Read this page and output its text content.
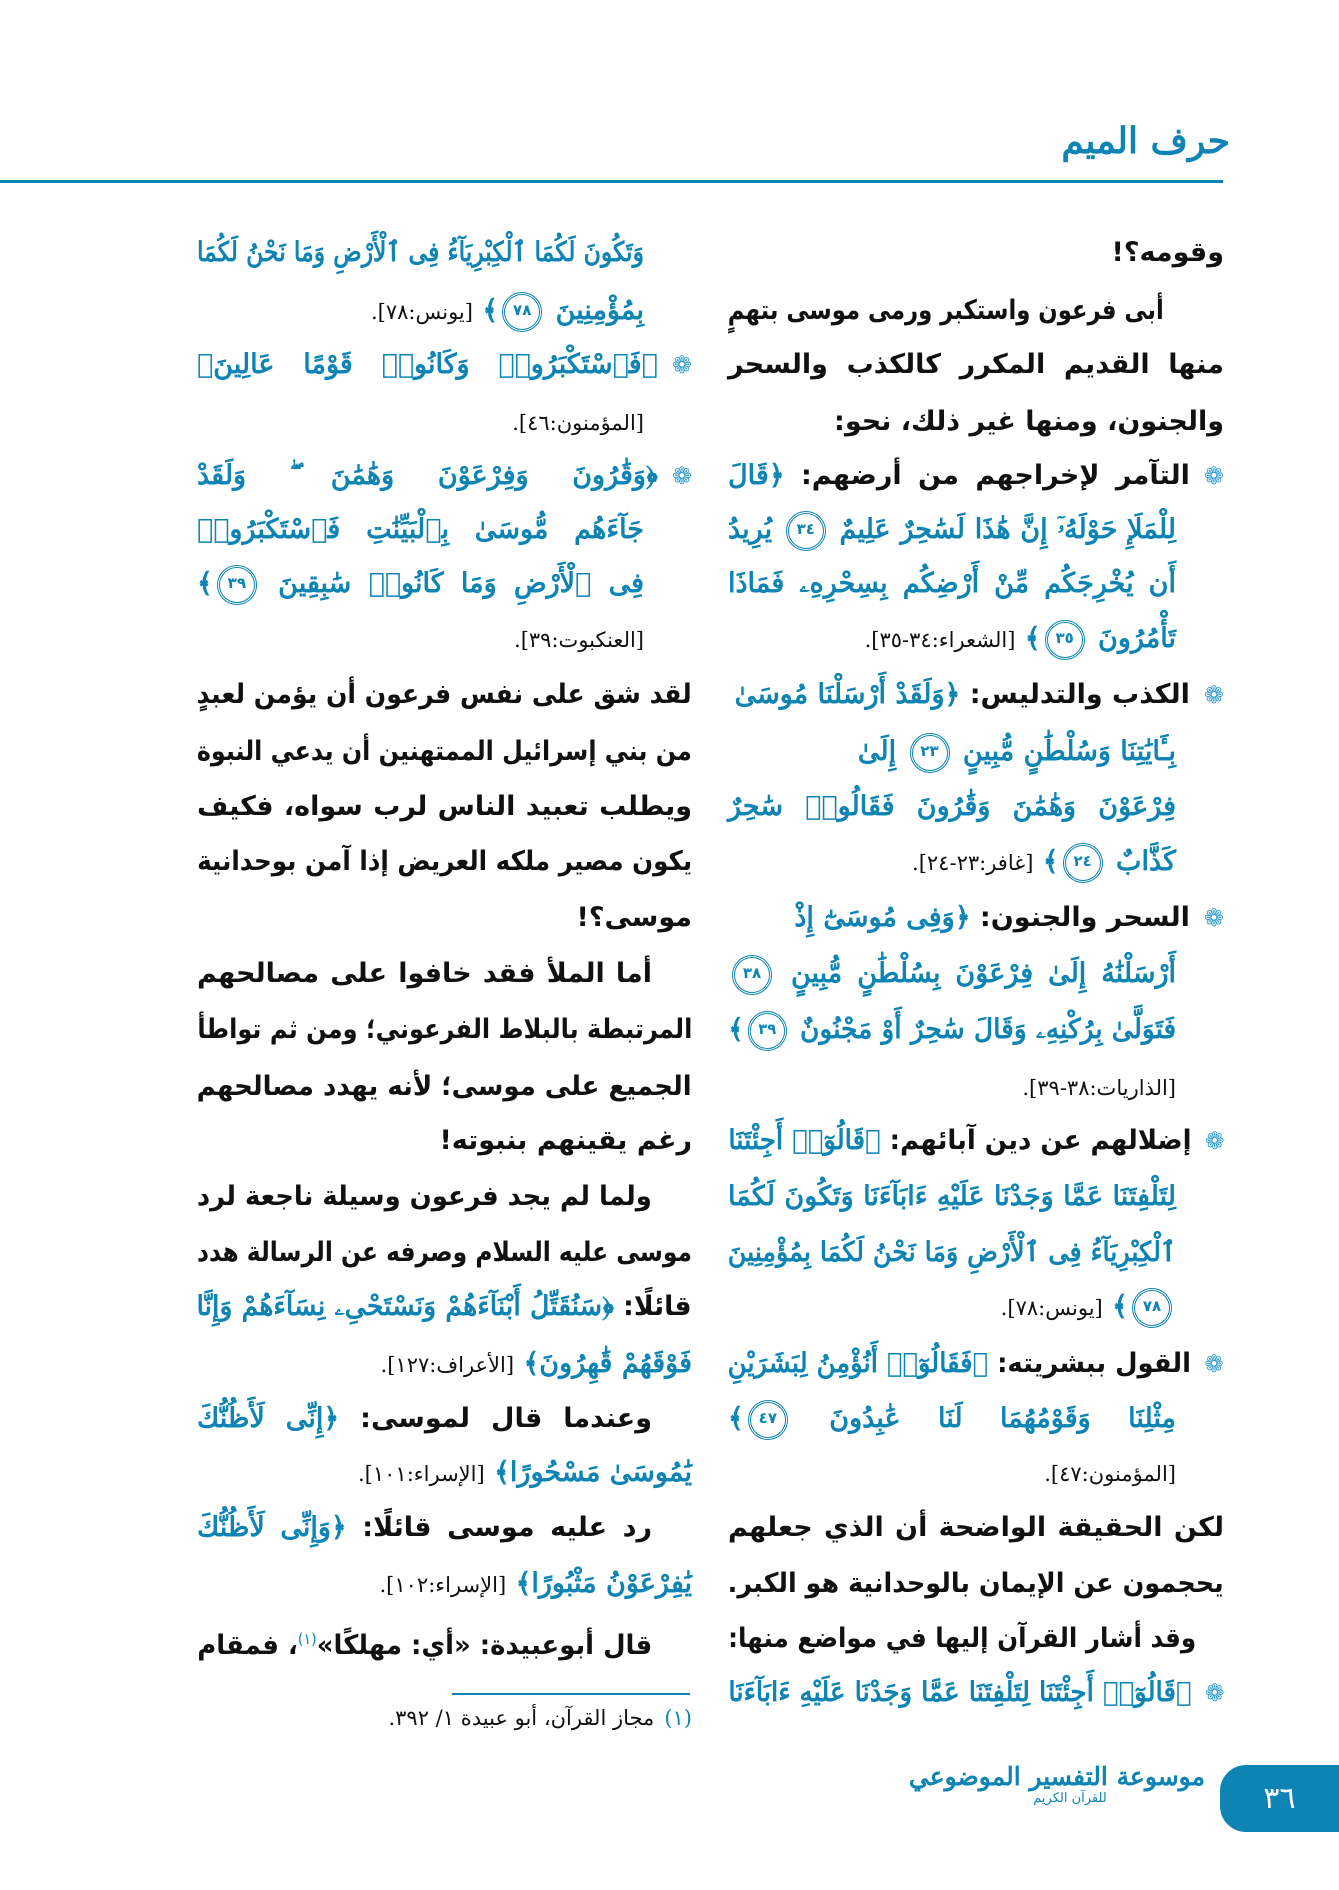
حرف الميم
وقومه؟!
أبى فرعون واستكبر ورمى موسى بتهمٍ
منها القديم المكرر كالكذب والسحر
والجنون، ومنها غير ذلك، نحو:
❁التآمر لإخراجهم من أرضهم: ﴿قَالَ
لِلْمَلَإِ حَوْلَهُۥٓ إِنَّ هَٰذَا لَسَٰحِرٌ عَلِيمٌ ٣٤ يُرِيدُ
أَن يُخْرِجَكُم مِّنْ أَرْضِكُم بِسِحْرِهِۦ فَمَاذَا
تَأْمُرُونَ ٣٥﴾ [الشعراء:٣٤-٣٥].
❁الكذب والتدليس: ﴿وَلَقَدْ أَرْسَلْنَا مُوسَىٰ
بِـَٔايَٰتِنَا وَسُلْطَٰنٍ مُّبِينٍ ٢٣ إِلَىٰ
فِرْعَوْنَ وَهَٰمَٰنَ وَقَٰرُونَ فَقَالُوا۟ سَٰحِرٌ
كَذَّابٌ ٢٤﴾ [غافر:٢٣-٢٤].
❁السحر والجنون: ﴿وَفِى مُوسَىٰٓ إِذْ
أَرْسَلْنَٰهُ إِلَىٰ فِرْعَوْنَ بِسُلْطَٰنٍ مُّبِينٍ ٣٨
فَتَوَلَّىٰ بِرُكْنِهِۦ وَقَالَ سَٰحِرٌ أَوْ مَجْنُونٌ ٣٩﴾
[الذاريات:٣٨-٣٩].
❁إضلالهم عن دين آبائهم: ﴿قَالُوٓا۟ أَجِئْتَنَا
لِتَلْفِتَنَا عَمَّا وَجَدْنَا عَلَيْهِ ءَابَآءَنَا وَتَكُونَ لَكُمَا
ٱلْكِبْرِيَآءُ فِى ٱلْأَرْضِ وَمَا نَحْنُ لَكُمَا بِمُؤْمِنِينَ
٧٨﴾ [يونس:٧٨].
❁القول ببشريته: ﴿فَقَالُوٓا۟ أَنُؤْمِنُ لِبَشَرَيْنِ
مِثْلِنَا وَقَوْمُهُمَا لَنَا عَٰبِدُونَ ٤٧﴾
[المؤمنون:٤٧].
لكن الحقيقة الواضحة أن الذي جعلهم
يحجمون عن الإيمان بالوحدانية هو الكبر.
وقد أشار القرآن إليها في مواضع منها:
❁﴿قَالُوٓا۟ أَجِئْتَنَا لِتَلْفِتَنَا عَمَّا وَجَدْنَا عَلَيْهِ ءَابَآءَنَا
وَتَكُونَ لَكُمَا ٱلْكِبْرِيَآءُ فِى ٱلْأَرْضِ وَمَا نَحْنُ لَكُمَا
بِمُؤْمِنِينَ ٧٨﴾ [يونس:٧٨].
❁﴿فَٱسْتَكْبَرُوا۟ وَكَانُوا۟ قَوْمًا عَالِينَ﴾
[المؤمنون:٤٦].
❁﴿وَقَٰرُونَ وَفِرْعَوْنَ وَهَٰمَٰنَ ۖ وَلَقَدْ
جَآءَهُم مُّوسَىٰ بِٱلْبَيِّنَٰتِ فَٱسْتَكْبَرُوا۟
فِى ٱلْأَرْضِ وَمَا كَانُوا۟ سَٰبِقِينَ ٣٩﴾
[العنكبوت:٣٩].
لقد شق على نفس فرعون أن يؤمن لعبدٍ
من بني إسرائيل الممتهنين أن يدعي النبوة
ويطلب تعبيد الناس لرب سواه، فكيف
يكون مصير ملكه العريض إذا آمن بوحدانية
موسى؟!
أما الملأ فقد خافوا على مصالحهم
المرتبطة بالبلاط الفرعوني؛ ومن ثم تواطأ
الجميع على موسى؛ لأنه يهدد مصالحهم
رغم يقينهم بنبوته!
ولما لم يجد فرعون وسيلة ناجعة لرد
موسى عليه السلام وصرفه عن الرسالة هدد
قائلًا: ﴿سَنُقَتِّلُ أَبْنَآءَهُمْ وَنَسْتَحْىِۦ نِسَآءَهُمْ وَإِنَّا
فَوْقَهُمْ قَٰهِرُونَ﴾ [الأعراف:١٢٧].
وعندما قال لموسى: ﴿إِنِّى لَأَظُنُّكَ
يَٰمُوسَىٰ مَسْحُورًا﴾ [الإسراء:١٠١].
رد عليه موسى قائلًا: ﴿وَإِنِّى لَأَظُنُّكَ
يَٰفِرْعَوْنُ مَثْبُورًا﴾ [الإسراء:١٠٢].
قال أبوعبيدة: «أي: مهلكًا»$^{(١)}$، فمقام
(١)مجاز القرآن، أبو عبيدة ١/ ٣٩٢.
موسوعة التفسير الموضوعي
للقرآن الكريم	٣٦
